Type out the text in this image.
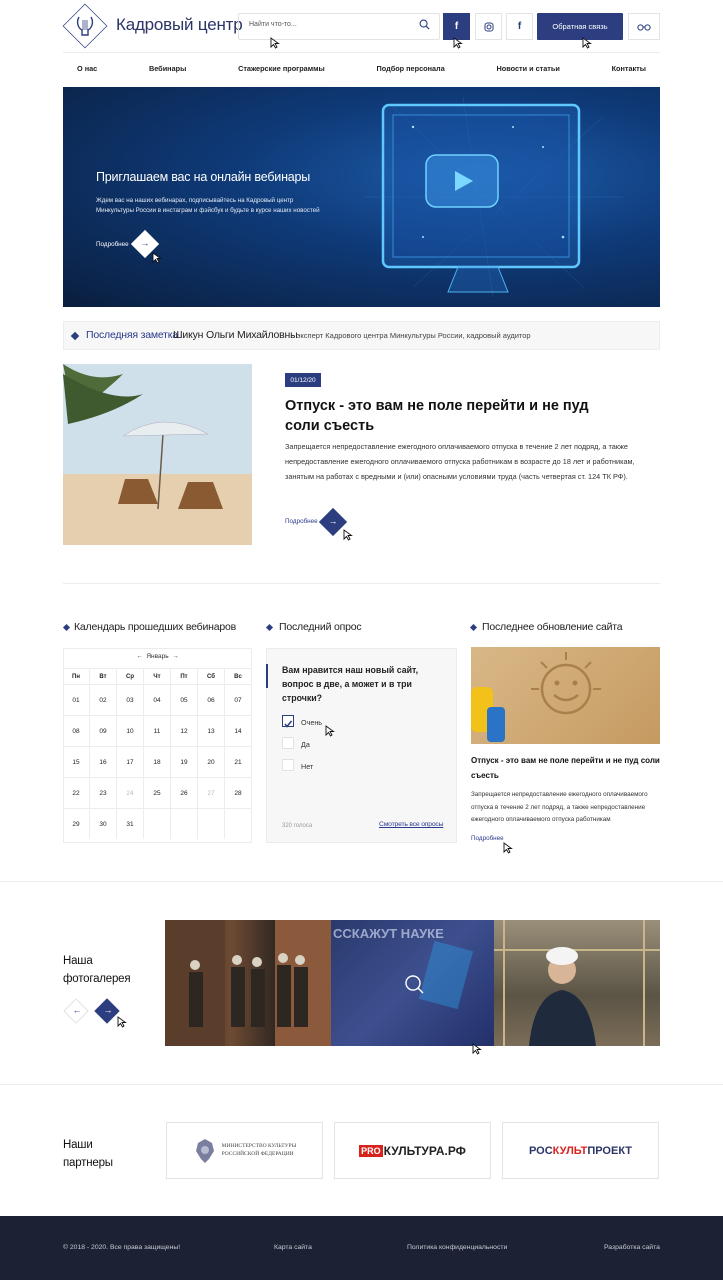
Кадровый центр Найти что-то...	f	f	Обратная связь
О нас	Вебинары	Стажерские программы	Подбор персонала	Новости и статьи	Контакты
Приглашаем вас на онлайн вебинары
Ждем вас на наших вебинарах, подписывайтесь на Кадровый центр Минкультуры России в инстаграм и фэйсбук и будьте в курсе наших новостей
Подробнее →
Последняя заметка
Шикун Ольги Михайловны
- эксперт Кадрового центра Минкультуры России, кадровый аудитор
01/12/20
Отпуск - это вам не поле перейти и не пуд соли съесть
Запрещается непредоставление ежегодного оплачиваемого отпуска в течение 2 лет подряд, а также непредоставление ежегодного оплачиваемого отпуска работникам в возрасте до 18 лет и работникам, занятым на работах с вредными и (или) опасными условиями труда (часть четвертая ст. 124 ТК РФ).
Подробнее →
Календарь прошедших вебинаров	Последний опрос	Последнее обновление сайта
← Январь →
Пн	Вт	Ср	Чт	Пт	Сб	Вс
01	02	03	04	05	06	07
08	09	10	11	12	13	14
15	16	17	18	19	20	21
22	23	24	25	26	27	28
29	30	31
Вам нравится наш новый сайт, вопрос в две, а может и в три строчки?
Очень
Да
Нет
320 голоса	Смотреть все опросы
Отпуск - это вам не поле перейти и не пуд соли съесть
Запрещается непредоставление ежегодного оплачиваемого отпуска в течение 2 лет подряд, а также непредоставление ежегодного оплачиваемого отпуска работникам
Подробнее
Наша
фотогалерея
←	→
ССКАЖУТ НАУКЕ
Наши
партнеры
МИНИСТЕРСТВО КУЛЬТУРЫ
РОССИЙСКОЙ ФЕДЕРАЦИИ	PRO КУЛЬТУРА.РФ	РОС КУЛЬТ ПРОЕКТ
© 2018 - 2020. Все права защищены!	Карта сайта	Политика конфиденциальности	Разработка сайта
